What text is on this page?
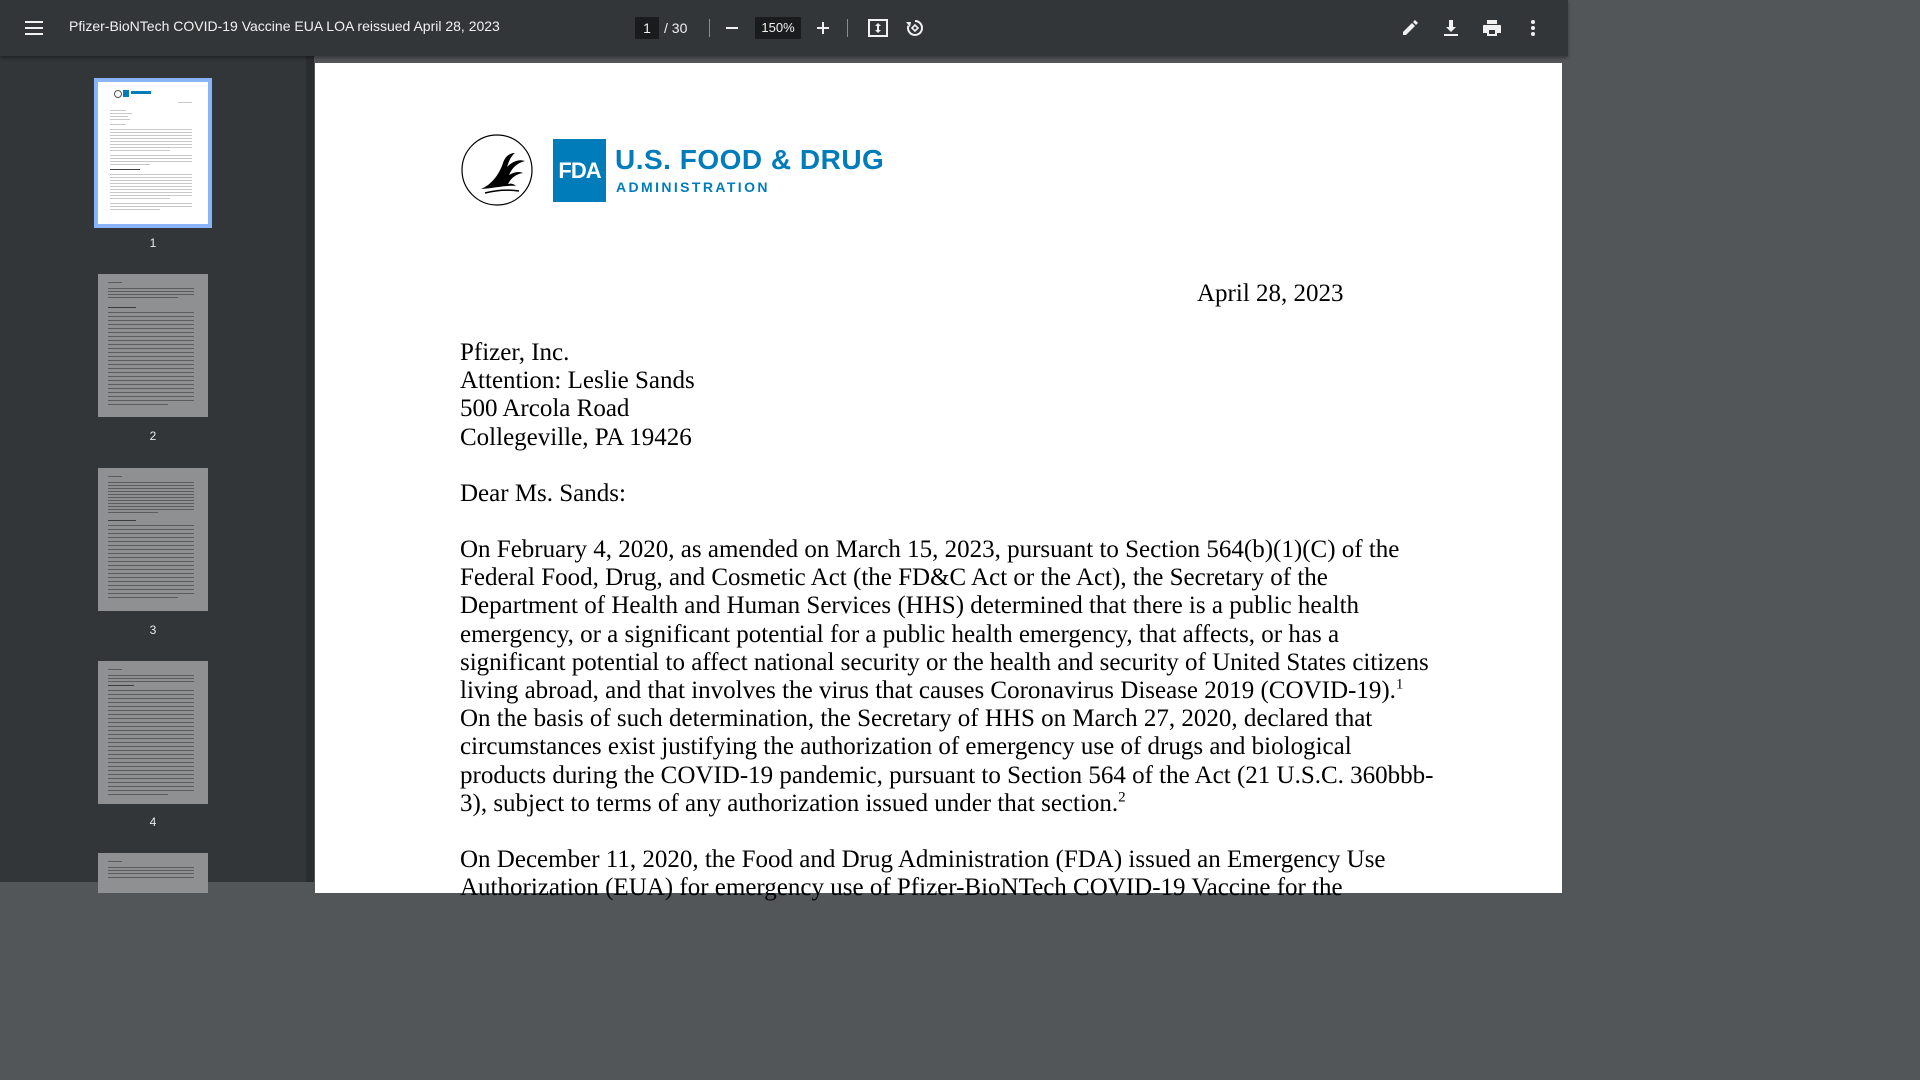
Pfizer-BioNTech COVID-19 Vaccine EUA LOA reissued April 28, 2023	1 / 30	150%
1
2
3
4
FDA U.S. FOOD & DRUG
ADMINISTRATION
April 28, 2023
Pfizer, Inc.
Attention: Leslie Sands
500 Arcola Road
Collegeville, PA 19426
Dear Ms. Sands:
On February 4, 2020, as amended on March 15, 2023, pursuant to Section 564(b)(1)(C) of the
Federal Food, Drug, and Cosmetic Act (the FD&C Act or the Act), the Secretary of the
Department of Health and Human Services (HHS) determined that there is a public health
emergency, or a significant potential for a public health emergency, that affects, or has a
significant potential to affect national security or the health and security of United States citizens
living abroad, and that involves the virus that causes Coronavirus Disease 2019 (COVID-19).$^1$
On the basis of such determination, the Secretary of HHS on March 27, 2020, declared that
circumstances exist justifying the authorization of emergency use of drugs and biological
products during the COVID-19 pandemic, pursuant to Section 564 of the Act (21 U.S.C. 360bbb-
3), subject to terms of any authorization issued under that section.$^2$
On December 11, 2020, the Food and Drug Administration (FDA) issued an Emergency Use
Authorization (EUA) for emergency use of Pfizer-BioNTech COVID-19 Vaccine for the
